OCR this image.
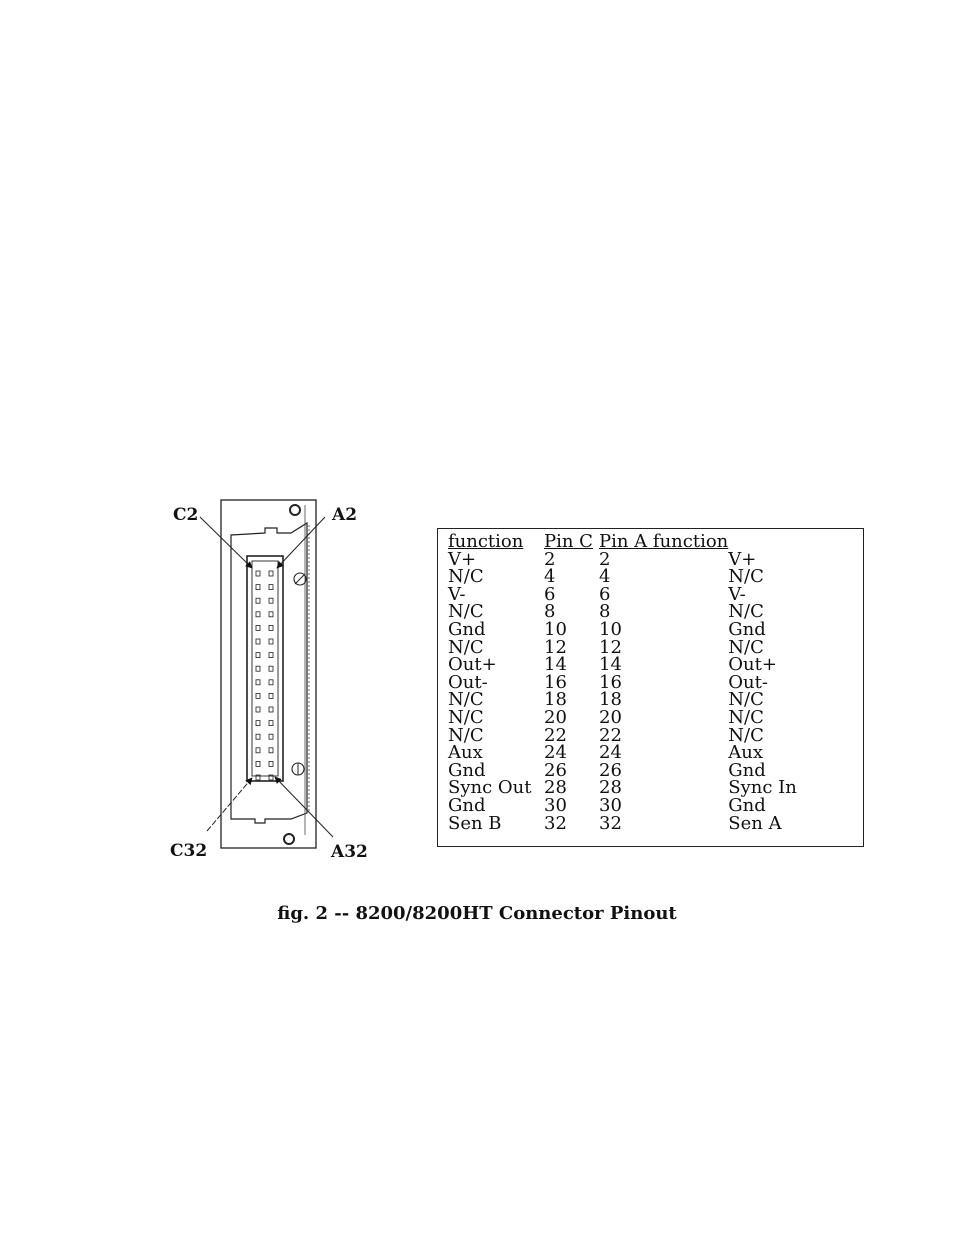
C2	A2
C32	A32
function	Pin C	Pin A function	
V+	2	2	V+
N/C	4	4	N/C
V-	6	6	V-
N/C	8	8	N/C
Gnd	10	10	Gnd
N/C	12	12	N/C
Out+	14	14	Out+
Out-	16	16	Out-
N/C	18	18	N/C
N/C	20	20	N/C
N/C	22	22	N/C
Aux	24	24	Aux
Gnd	26	26	Gnd
Sync Out	28	28	Sync In
Gnd	30	30	Gnd
Sen B	32	32	Sen A
fig. 2 -- 8200/8200HT Connector Pinout
